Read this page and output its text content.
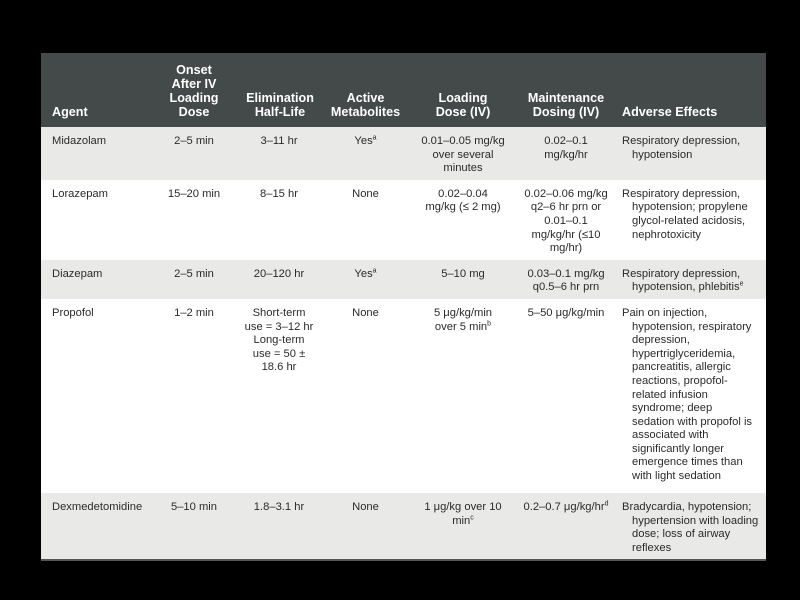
Agent	Onset After IV Loading Dose	Elimination Half-Life	Active Metabolites	Loading Dose (IV)	Maintenance Dosing (IV)	Adverse Effects
Midazolam	2–5 min	3–11 hr	Yes$^a$	0.01–0.05 mg/kg over several minutes	0.02–0.1 mg/kg/hr	Respiratory depression, hypotension

Lorazepam	15–20 min	8–15 hr	None	0.02–0.04 mg/kg (≤ 2 mg)	0.02–0.06 mg/kg q2–6 hr prn or 0.01–0.1 mg/kg/hr (≤10 mg/hr)	Respiratory depression, hypotension; propylene glycol-related acidosis, nephrotoxicity

Diazepam	2–5 min	20–120 hr	Yes$^a$	5–10 mg	0.03–0.1 mg/kg q0.5–6 hr prn	Respiratory depression, hypotension, phlebitis$^e$

Propofol	1–2 min	Short-term use = 3–12 hr Long-term use = 50 ± 18.6 hr	None	5 μg/kg/min over 5 $\min^b$	5–50 μg/kg/min	Pain on injection, hypotension, respiratory depression, hypertriglyceridemia, pancreatitis, allergic reactions, propofol-related infusion syndrome; deep sedation with propofol is associated with significantly longer emergence times than with light sedation

Dexmedetomidine	5–10 min	1.8–3.1 hr	None	1 μg/kg over 10 $\min^c$	0.2–0.7 $\mu g/kg/hr^d$	Bradycardia, hypotension; hypertension with loading dose; loss of airway reflexes
